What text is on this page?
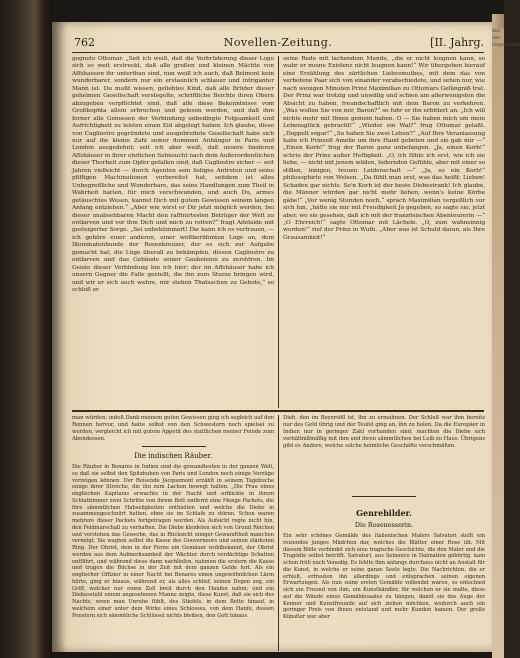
762	Novellen-Zeitung.	[II. Jahrg.
gegnete Ottomar. „Seit ich weiß, daß die Verbrüderung dieser Loge sich so weit erstreckt, daß alle großen und kleinen Mächte von Affshausen ihr unterthan sind, nun weiß ich auch, daß Belmont kein wunderbarer, sondern nur ein erstaunlich schlauer und intriganter Mann ist. Du mußt wissen, geliebtes Kind, daß alle Brüder dieser geheimen Gesellschaft verstegelte, schriftliche Beichte ihren Obern abzugeben verpflichtet sind, daß alle diese Bekenntnisse vom Großkophta allein erbrochen und gelesen werden, und daß ihm ferner alle Genossen der Verbindung unbedingte Folgsamkeit und Aufrichtigkeit zu leisten einen Eid abgelegt haben. Ich glaube, diese von Cagliostro gegründete und ausgebreitete Gesellschaft habe sich nur auf die kleine Zahl seiner dummen Anhänger in Paris und London ausgedehnt; seit ich aber weiß, daß unsere biederen Affshäuser in ihrer ehrlichen Sehnsucht nach dem Außerordentlichen dieser Thorheit zum Opfer gefallen sind, daß Cagliostro sicher — seit Jahren vielleicht — durch Agenten sein listiges Antreten und seine pfiffigen Machinationen vorbereitet hat, seitdem ist alles Unbegreifliche und Wunderbare, das seine Handlungen zum Theil in Wahrheit hatten, für mich verschwunden, und auch Du, armes getäuschtes Wesen, kannst Dich mit gutem Gewissen seinem langen Anfang entziehen.“ „Aber wie wirst er Dir jetzt möglich werden, bei dieser unabsehbaren Macht den raffinirtesten Betrüger der Welt zu entlarven und vor ihm Dich und mich zu retten?“ fragt Adelaide mit gesteigerter Sorge. „Sei unbekümmert! Die kann ich es vertrauen, — ich gehöre einer anderen, einer weltberühmten Loge an, dem Illuminatenbunde der Rosenkreuzer, der es sich zur Aufgabe gemacht hat, die Lüge überall zu bekämpfen, diesen Cagliostro zu entlarven und das Gebäude seiner Gaukeleien zu zerstören. Im Geiste dieser Verbindung bin ich hier; der im Affshäuser habe ich unsern Gegner die Falle gestellt, die ihn zum Sturze bringen wird, und wir er sich auch wehre, mir stehen Thatsachen zu Gebote,“ so schloß er
seine Rede mit lachendem Munde, „die er nicht leugnen kann, so wahr er meine Existenz nicht leugnen kann!“ Wir übergehen hierauf eine Erzählung des zärtlichen Liebesmuthes, mit dem das von verbotene Paar sich von einander verabschiedete, und sehen nur, wie nach wenigen Minuten Prinz Maximilian zu Ottomars Gefängniß trat. Der Prinz war trotzig und unwillig und schien am allerwenigsten die Absicht zu haben, freundschaftlich mit dem Baron zu verkehren. „Was wollen Sie von mir, Baron?“ so fuhr er ihn erbittert an. „Ich will nichts mehr mit Ihnen gemein haben. O — Sie haben mich um mein Lebensglück gebracht!“ „Wieder ein Wal?“ frug Ottomar gelaßt. „Doppelt sogar!“ „So haben Sie zwei Leben?“ „Auf Ihre Veranlassung habe ich Prinzeß Amelie um ihre Hand gebeten und sie gab mir —“ „Einen Korb!“ frug der Baron ganz unbefangen. „Ja, einen Korb!“ schrie der Prinz außer Heftigkeit. „O, ich fühle ich erst, wie ich sie liebe, — nicht mit jenem wilden, lodernden Gefühle, aber mit einer so stillen, innigen, treuen Leidenschaft —“ „Ja, so ein Korb!“ philosophirte von Welsen. „Da fühlt man erst, was das heißt: Lieben! Schaden gar nichts. So'n Korb ist der beste Diebestrank! Ich glaube, die Männer würden gar nicht mehr lieben, wenn's keine Körbe gäbe!“ „Vor wenig Stunden noch,“ sprach Maximilian vergeßlich vor sich hin, „hätte sie mir mit Freudigkeit Ja gegeben, so sagte sie; jetzt aber, wo sie gesehen, daß ich mit der französischen Abenteurerin —“ „O Ehrreich!“ sagte Ottomar mit Lächeln. „O, zum wahnsinnig werden!“ rief der Prinz in Wuth. „Aber was ist Schuld daran, als Ihre Grausamkeit!“
man würden; indeß Dank meinem guten Gewissen ging ich sogleich auf den Rennen hervor, und hatte selbst von den Schwestern noch spielsel zu werden, vergleicht ich mit gutem Appetit des stattlichen meiner Feinde zum Abendessen.
Dieb, den im Beyersöll ist, ihn zu ermahnen. Der Schluß war ihm bereits nur des Geld übrig und der Teufel ging an, ihn zu holen. Da die Europäer in Indien nur in geringer Zahl vorhanden sind, machten die Diebe sich verhältnißmäßig mit ihm und ihren sämmtlichen bei Leib zu Haus. Übrigens gibt es Andere, welche solche heimliche Geschäfte verschmähen.
Die indischen Räuber.
Die Räuber in Benares in Indien sind die gewandtesten in der ganzen Welt, so daß sie selbst den Spitzbuben von Paris und London noch einige Vorzüge vorzeigen können. Der Reisende Jacquemont erzählt in seinem Tagebuche einige ihrer Streiche, die ihn zum Lachen bewegt halten. „Die Frau eines englischen Kapitains erwachte in der Nacht und erblickte in ihrem Schlafzimmer zwei Schritte von ihrem Bett entfernt eine Menge Packets, die ihre sämmtlichen Habseligkeiten enthielten und welche die Diebe in zusammengeschnürt hatten, ohne sie im Schlafe zu stören. Schon waren mehrere dieser Packets fortgetragen worden. Als Aufsicht regte nicht hin, den Feldmarschall zu verhaften. Die Diebe kleideten sich von Grund Reichen und verstehen das Gewerbe, das in Rücksicht einiger Gewandtheit manchen vermögt. Sie wagten selbst die Kasse des Gouverneurs und seinen stärksten Ring. Der Obrist, dem in der Ferne ein Gemäuer wohlbekannt, der Obrist werden aus dem Aufmerksamkeit der Wächter durch verdächtige Schatten entführt, und während diese dann nachliefen, nahmen die erstern die Kasse und trugen die Büchse in der Zeit mit dem ganzen Gelde fort. Als ein englischer Offizier in einer Nacht bei Benares einen ungewöhnlichen Lärm hörte, ging er hinaus, während er, als alles schlief, seinen Degen zog, ein Griff, welcher nur einen Zoll breit durch den Haufen nahm; und ein Diebesstuhl einem angesehenen Manne zeigte, diese Kunst, daß sie sich des Nachts, wenn man Unruhe fühlt, des Stiefels, in dem Bette hinauf, in welchem einer unter dem Wirke eines Schlosses, von dem Hanfe, dessen Fenstern sich sämmtliche Schlüssel nichts bleiben, den Gott hinaus.
Genrebilder.
Die Rosenesserin.
Ein sehr schönes Gemälde des italienischen Malers Salvatori stellt ein reizendes junges Mädchen dar, welches die Blätter einer Rose ißt. Mit diesem Bilde verbindet sich eine tragische Geschichte, die den Maler und die Tragödie selbst betrifft. Salvatori, aus Sebenico in Dalmatien gebürtig, kam schon früh nach Venedig. Es fehlte ihm anfangs durchaus nicht an Anstalt für die Kunst, in welche er seine ganze Seele legte. Die Nachrichten, die er erhielt, erfreuten ihn allerdings und entsprachen seinen eigenen Erwartungen. Als nun seine ersten Gemälde vollendet waren, so entschied sich ein Freund von ihm, ein Kunsthändler, für welchen er sie malte, diese auf die Wände eines Gemäldesaales zu hängen, damit sie das Auge der Kenner und Kunstfreunde auf sich ziehen möchten, wodurch auch ein geringer Preis von ihnen entstand und mehr Kunden kamen. Der große Künstler war aber
mit der Gegenwart
